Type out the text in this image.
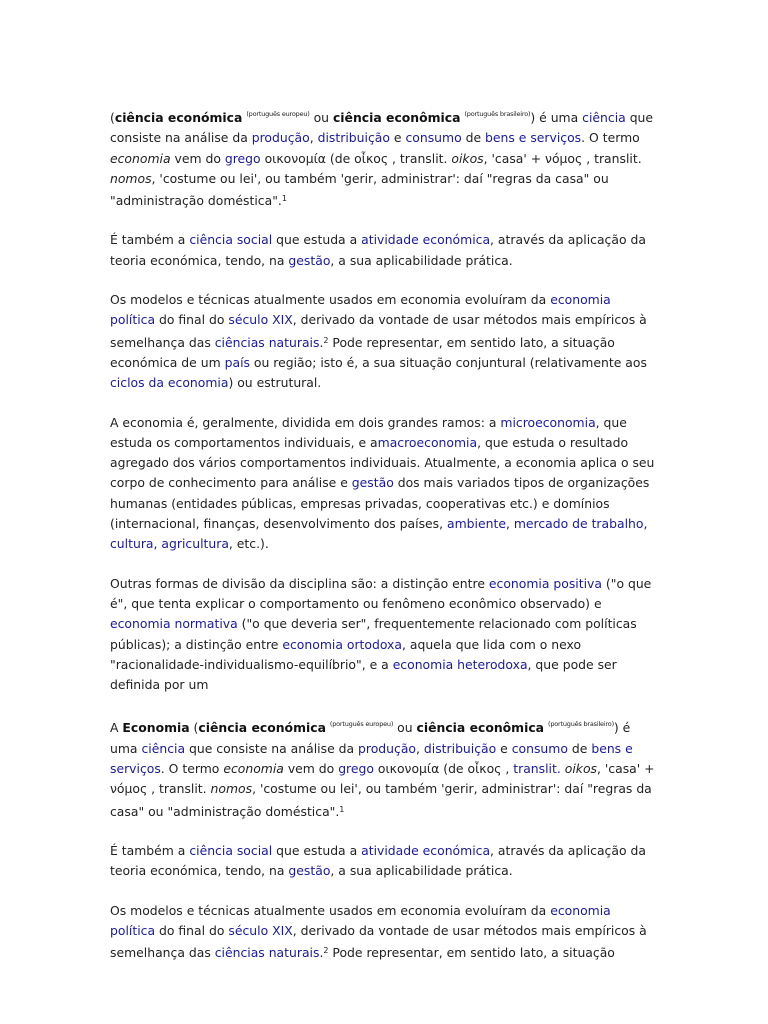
(ciência económica $^{(português europeu)}$ ou ciência econômica $^{(português brasileiro)}$) é uma ciência que consiste na análise da produção, distribuição e consumo de bens e serviços. O termo economia vem do grego οικονομία (de οἶκος , translit. oikos, 'casa' + νόμος , translit. nomos, 'costume ou lei', ou também 'gerir, administrar': daí "regras da casa" ou "administração doméstica".$^1$

É também a ciência social que estuda a atividade económica, através da aplicação da teoria económica, tendo, na gestão, a sua aplicabilidade prática.

Os modelos e técnicas atualmente usados em economia evoluíram da economia política do final do século XIX, derivado da vontade de usar métodos mais empíricos à semelhança das ciências naturais.$^2$ Pode representar, em sentido lato, a situação económica de um país ou região; isto é, a sua situação conjuntural (relativamente aos ciclos da economia) ou estrutural.

A economia é, geralmente, dividida em dois grandes ramos: a microeconomia, que estuda os comportamentos individuais, e amacroeconomia, que estuda o resultado agregado dos vários comportamentos individuais. Atualmente, a economia aplica o seu corpo de conhecimento para análise e gestão dos mais variados tipos de organizações humanas (entidades públicas, empresas privadas, cooperativas etc.) e domínios (internacional, finanças, desenvolvimento dos países, ambiente, mercado de trabalho, cultura, agricultura, etc.).

Outras formas de divisão da disciplina são: a distinção entre economia positiva ("o que é", que tenta explicar o comportamento ou fenômeno econômico observado) e economia normativa ("o que deveria ser", frequentemente relacionado com políticas públicas); a distinção entre economia ortodoxa, aquela que lida com o nexo "racionalidade-individualismo-equilíbrio", e a economia heterodoxa, que pode ser definida por um

A Economia (ciência económica $^{(português europeu)}$ ou ciência econômica $^{(português brasileiro)}$) é uma ciência que consiste na análise da produção, distribuição e consumo de bens e serviços. O termo economia vem do grego οικονομία (de οἶκος , translit. oikos, 'casa' + νόμος , translit. nomos, 'costume ou lei', ou também 'gerir, administrar': daí "regras da casa" ou "administração doméstica".$^1$

É também a ciência social que estuda a atividade económica, através da aplicação da teoria económica, tendo, na gestão, a sua aplicabilidade prática.

Os modelos e técnicas atualmente usados em economia evoluíram da economia política do final do século XIX, derivado da vontade de usar métodos mais empíricos à semelhança das ciências naturais.$^2$ Pode representar, em sentido lato, a situação
